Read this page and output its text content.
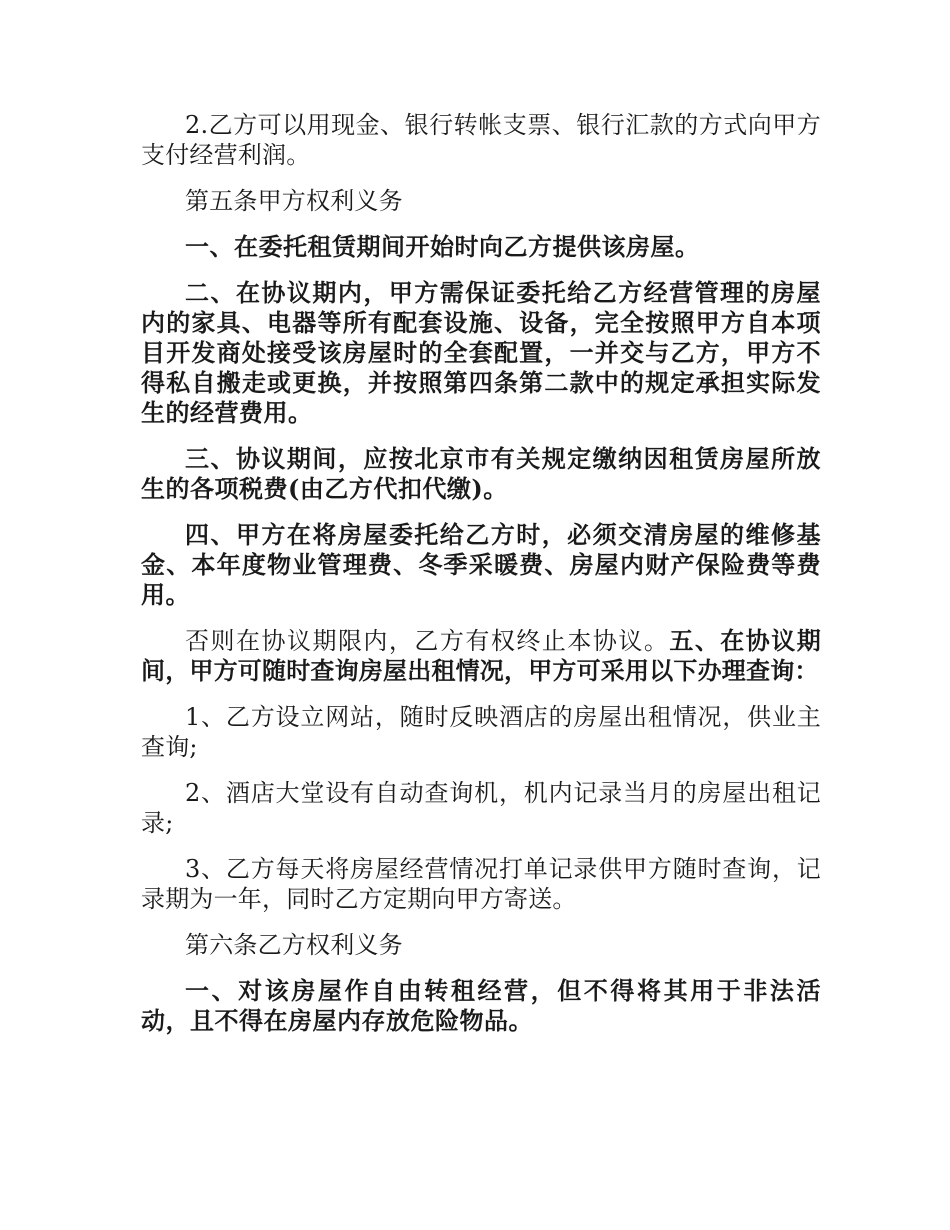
2.乙方可以用现金、银行转帐支票、银行汇款的方式向甲方支付经营利润。

第五条甲方权利义务

一、在委托租赁期间开始时向乙方提供该房屋。

二、在协议期内，甲方需保证委托给乙方经营管理的房屋内的家具、电器等所有配套设施、设备，完全按照甲方自本项目开发商处接受该房屋时的全套配置，一并交与乙方，甲方不得私自搬走或更换，并按照第四条第二款中的规定承担实际发生的经营费用。

三、协议期间，应按北京市有关规定缴纳因租赁房屋所放生的各项税费(由乙方代扣代缴)。

四、甲方在将房屋委托给乙方时，必须交清房屋的维修基金、本年度物业管理费、冬季采暖费、房屋内财产保险费等费用。

否则在协议期限内，乙方有权终止本协议。五、在协议期间，甲方可随时查询房屋出租情况，甲方可采用以下办理查询：

1、乙方设立网站，随时反映酒店的房屋出租情况，供业主查询;

2、酒店大堂设有自动查询机，机内记录当月的房屋出租记录;

3、乙方每天将房屋经营情况打单记录供甲方随时查询，记录期为一年，同时乙方定期向甲方寄送。

第六条乙方权利义务

一、对该房屋作自由转租经营，但不得将其用于非法活动，且不得在房屋内存放危险物品。
